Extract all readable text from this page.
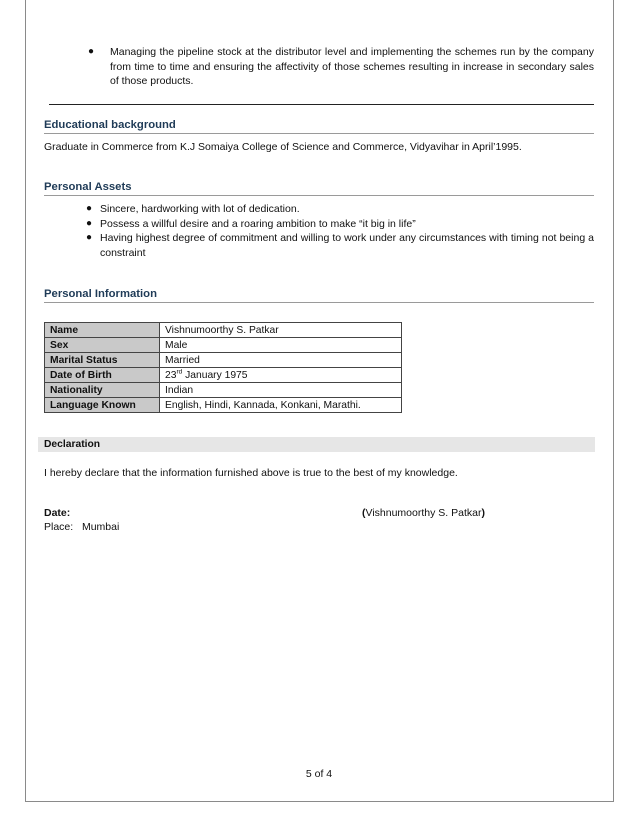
● Managing the pipeline stock at the distributor level and implementing the schemes run by the company from time to time and ensuring the affectivity of those schemes resulting in increase in secondary sales of those products.
Educational background
Graduate in Commerce from K.J Somaiya College of Science and Commerce, Vidyavihar in April’1995.
Personal Assets
● Sincere, hardworking with lot of dedication.
● Possess a willful desire and a roaring ambition to make “it big in life”
● Having highest degree of commitment and willing to work under any circumstances with timing not being a constraint
Personal Information
Name	Vishnumoorthy S. Patkar
Sex	Male
Marital Status	Married
Date of Birth	23rd January 1975
Nationality	Indian
Language Known	English, Hindi, Kannada, Konkani, Marathi.
Declaration
I hereby declare that the information furnished above is true to the best of my knowledge.
Date:	(Vishnumoorthy S. Patkar)
Place: Mumbai
5 of 4
